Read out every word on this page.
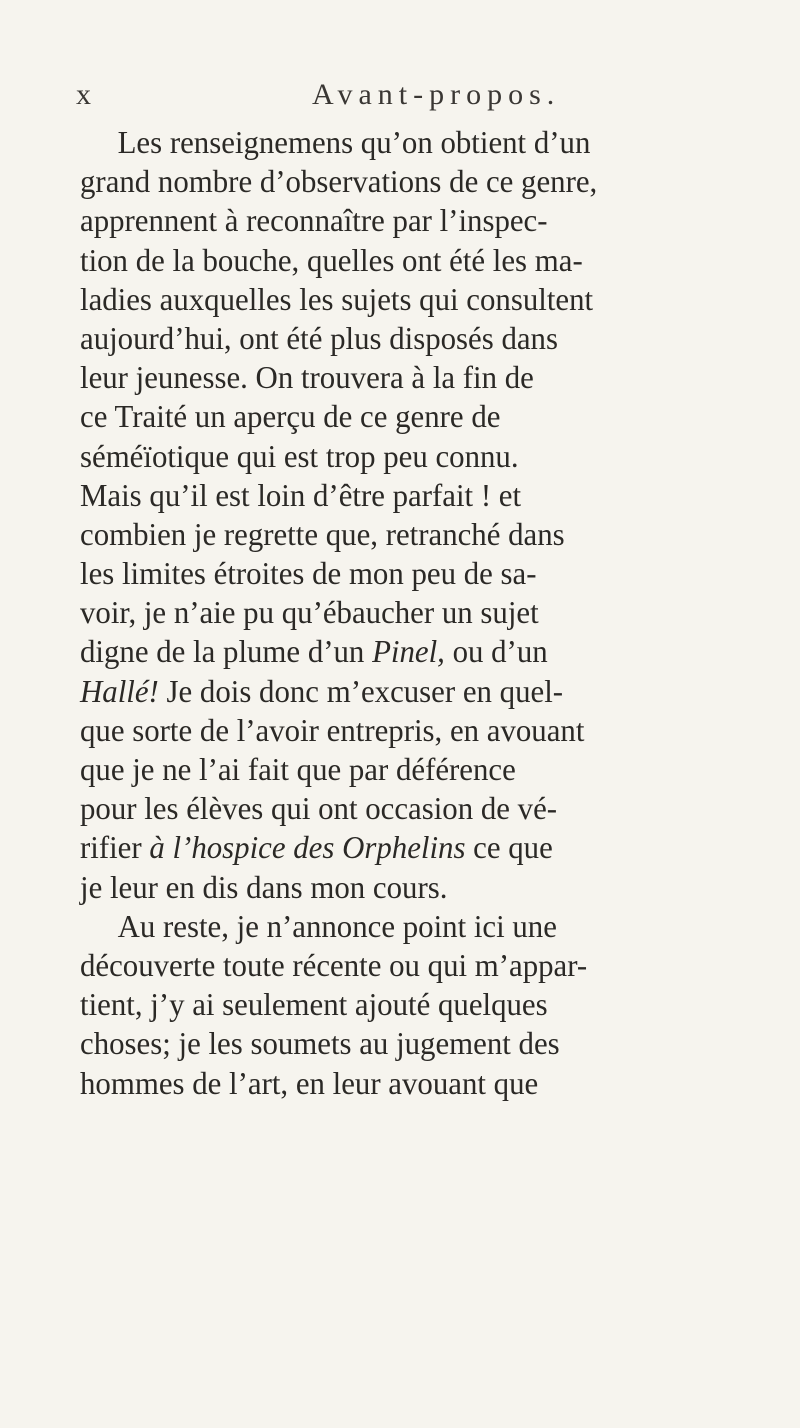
x	Avant-propos.
Les renseignemens qu’on obtient d’un
grand nombre d’observations de ce genre,
apprennent à reconnaître par l’inspec-
tion de la bouche, quelles ont été les ma-
ladies auxquelles les sujets qui consultent
aujourd’hui, ont été plus disposés dans
leur jeunesse. On trouvera à la fin de
ce Traité un aperçu de ce genre de
séméïotique qui est trop peu connu.
Mais qu’il est loin d’être parfait ! et
combien je regrette que, retranché dans
les limites étroites de mon peu de sa-
voir, je n’aie pu qu’ébaucher un sujet
digne de la plume d’un Pinel, ou d’un
Hallé! Je dois donc m’excuser en quel-
que sorte de l’avoir entrepris, en avouant
que je ne l’ai fait que par déférence
pour les élèves qui ont occasion de vé-
rifier à l’hospice des Orphelins ce que
je leur en dis dans mon cours.
Au reste, je n’annonce point ici une
découverte toute récente ou qui m’appar-
tient, j’y ai seulement ajouté quelques
choses; je les soumets au jugement des
hommes de l’art, en leur avouant que
